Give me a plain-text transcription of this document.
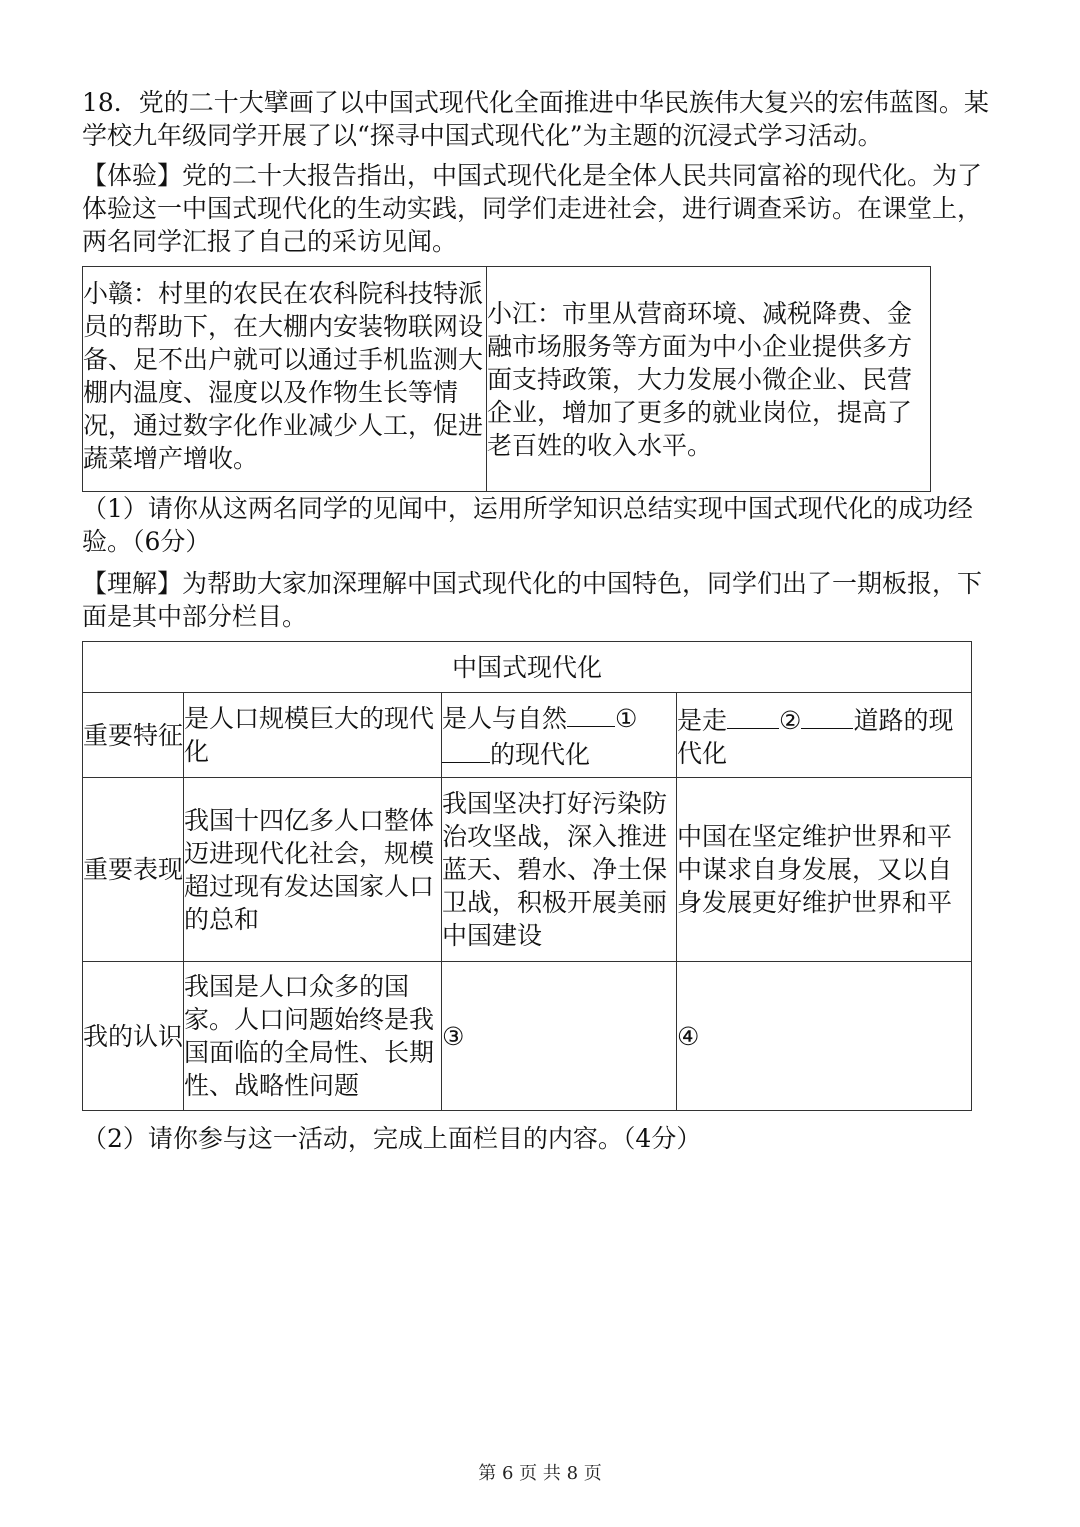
18．党的二十大擘画了以中国式现代化全面推进中华民族伟大复兴的宏伟蓝图。某
学校九年级同学开展了以“探寻中国式现代化”为主题的沉浸式学习活动。

【体验】党的二十大报告指出，中国式现代化是全体人民共同富裕的现代化。为了
体验这一中国式现代化的生动实践，同学们走进社会，进行调查采访。在课堂上，
两名同学汇报了自己的采访见闻。

小赣：村里的农民在农科院科技特派员的帮助下，在大棚内安装物联网设备、足不出户就可以通过手机监测大棚内温度、湿度以及作物生长等情况，通过数字化作业减少人工，促进蔬菜增产增收。	小江：市里从营商环境、减税降费、金融市场服务等方面为中小企业提供多方面支持政策，大力发展小微企业、民营企业，增加了更多的就业岗位，提高了老百姓的收入水平。

（1）请你从这两名同学的见闻中，运用所学知识总结实现中国式现代化的成功经
验。（6分）

【理解】为帮助大家加深理解中国式现代化的中国特色，同学们出了一期板报，下
面是其中部分栏目。

中国式现代化			
重要特征	是人口规模巨大的现代化	是人与自然 ①
的现代化	是走 ② 道路的现代化
重要表现	我国十四亿多人口整体迈进现代化社会，规模超过现有发达国家人口的总和	我国坚决打好污染防治攻坚战，深入推进蓝天、碧水、净土保卫战，积极开展美丽中国建设	中国在坚定维护世界和平中谋求自身发展，又以自身发展更好维护世界和平
我的认识	我国是人口众多的国家。人口问题始终是我国面临的全局性、长期性、战略性问题	③	④

（2）请你参与这一活动，完成上面栏目的内容。（4分）

第 6 页 共 8 页
